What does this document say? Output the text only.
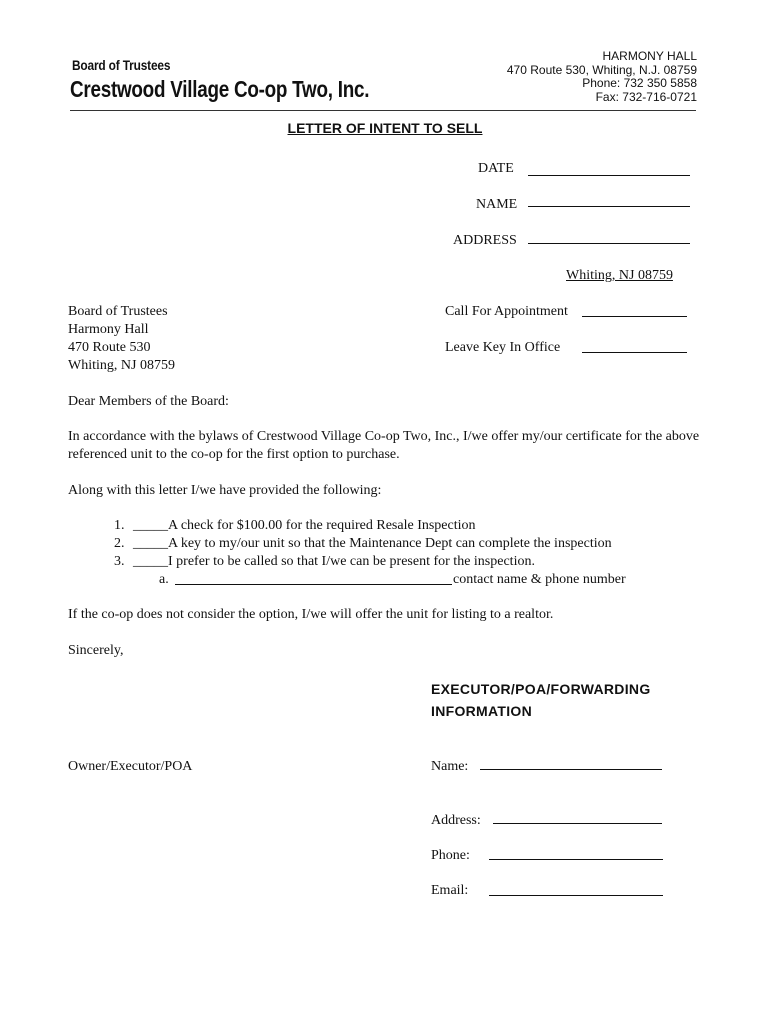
Board of Trustees
Crestwood Village Co-op Two, Inc.
HARMONY HALL
470 Route 530, Whiting, N.J. 08759
Phone: 732 350 5858
Fax: 732-716-0721
LETTER OF INTENT TO SELL
DATE
NAME
ADDRESS
Whiting, NJ 08759
Board of Trustees
Harmony Hall
470 Route 530
Whiting, NJ 08759
Call For Appointment
Leave Key In Office
Dear Members of the Board:
In accordance with the bylaws of Crestwood Village Co-op Two, Inc., I/we offer my/our certificate for the above referenced unit to the co-op for the first option to purchase.
Along with this letter I/we have provided the following:
1. _____A check for $100.00 for the required Resale Inspection
2. _____A key to my/our unit so that the Maintenance Dept can complete the inspection
3. _____I prefer to be called so that I/we can be present for the inspection.
a.	contact name & phone number
If the co-op does not consider the option, I/we will offer the unit for listing to a realtor.
Sincerely,
EXECUTOR/POA/FORWARDING
INFORMATION
Owner/Executor/POA	Name:
Address:
Phone:
Email:
